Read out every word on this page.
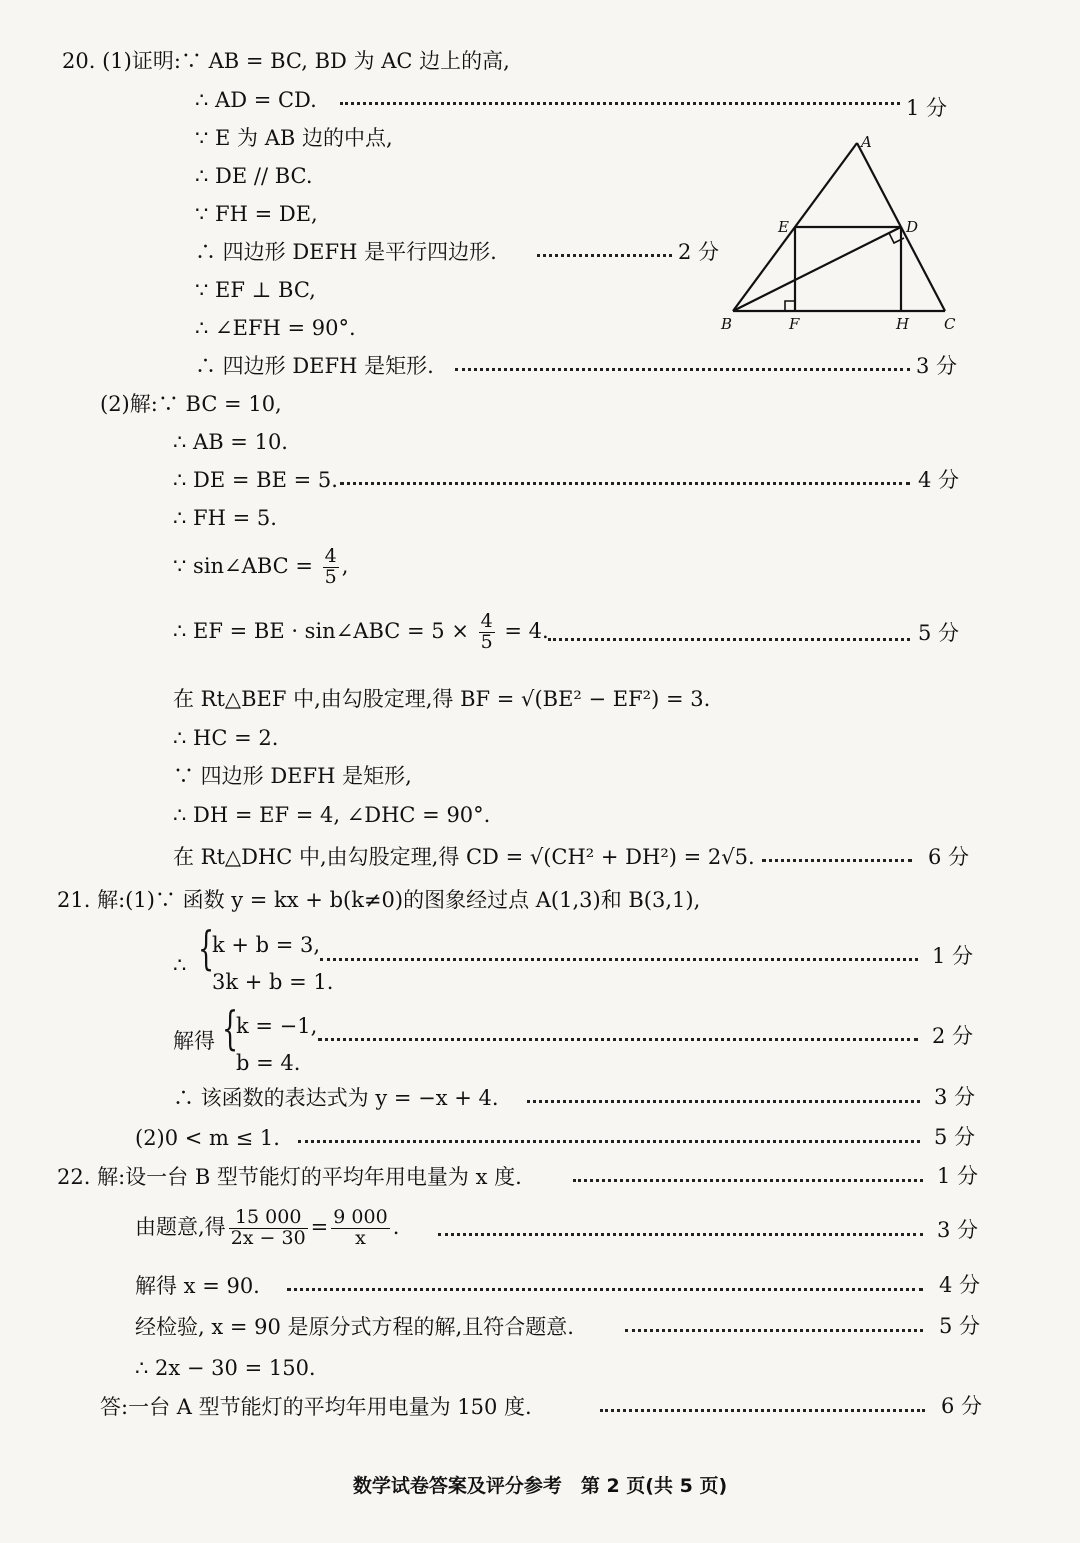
20. (1)证明:∵ AB = BC, BD 为 AC 边上的高,
∴ AD = CD.	1 分
∵ E 为 AB 边的中点,
∴ DE // BC.
∵ FH = DE,
∴ 四边形 DEFH 是平行四边形.	2 分
∵ EF ⊥ BC,
∴ ∠EFH = 90°.
∴ 四边形 DEFH 是矩形.	3 分
A
B	C
D
E
F	H
(2)解:∵ BC = 10,
∴ AB = 10.
∴ DE = BE = 5.	4 分
∴ FH = 5.
∵ sin∠ABC = $\frac{4}{5}$ ,
∴ EF = BE · sin∠ABC = $5 \times \frac{4}{5} = 4$.	5 分
在 Rt△BEF 中,由勾股定理,得 BF = √(BE² − EF²) = 3.
∴ HC = 2.
∵ 四边形 DEFH 是矩形,
∴ DH = EF = 4, ∠DHC = 90°.
在 Rt△DHC 中,由勾股定理,得 CD = √(CH² + DH²) = 2√5.	6 分
21. 解:(1)∵ 函数 y = kx + b(k≠0)的图象经过点 A(1,3)和 B(3,1),
∴ {
k + b = 3,
3k + b = 1.
1 分
解得 {
k = −1,
b = 4.
2 分
∴ 该函数的表达式为 y = −x + 4.	3 分
(2)0 < m ≤ 1.	5 分
22. 解:设一台 B 型节能灯的平均年用电量为 x 度.	1 分
由题意,得 $\frac{15 000}{2x - 30} = \frac{9 000}{x}$ .	3 分
解得 x = 90.	4 分
经检验, x = 90 是原分式方程的解,且符合题意.	5 分
∴ 2x − 30 = 150.
答:一台 A 型节能灯的平均年用电量为 150 度.	6 分
数学试卷答案及评分参考　第 2 页(共 5 页)
